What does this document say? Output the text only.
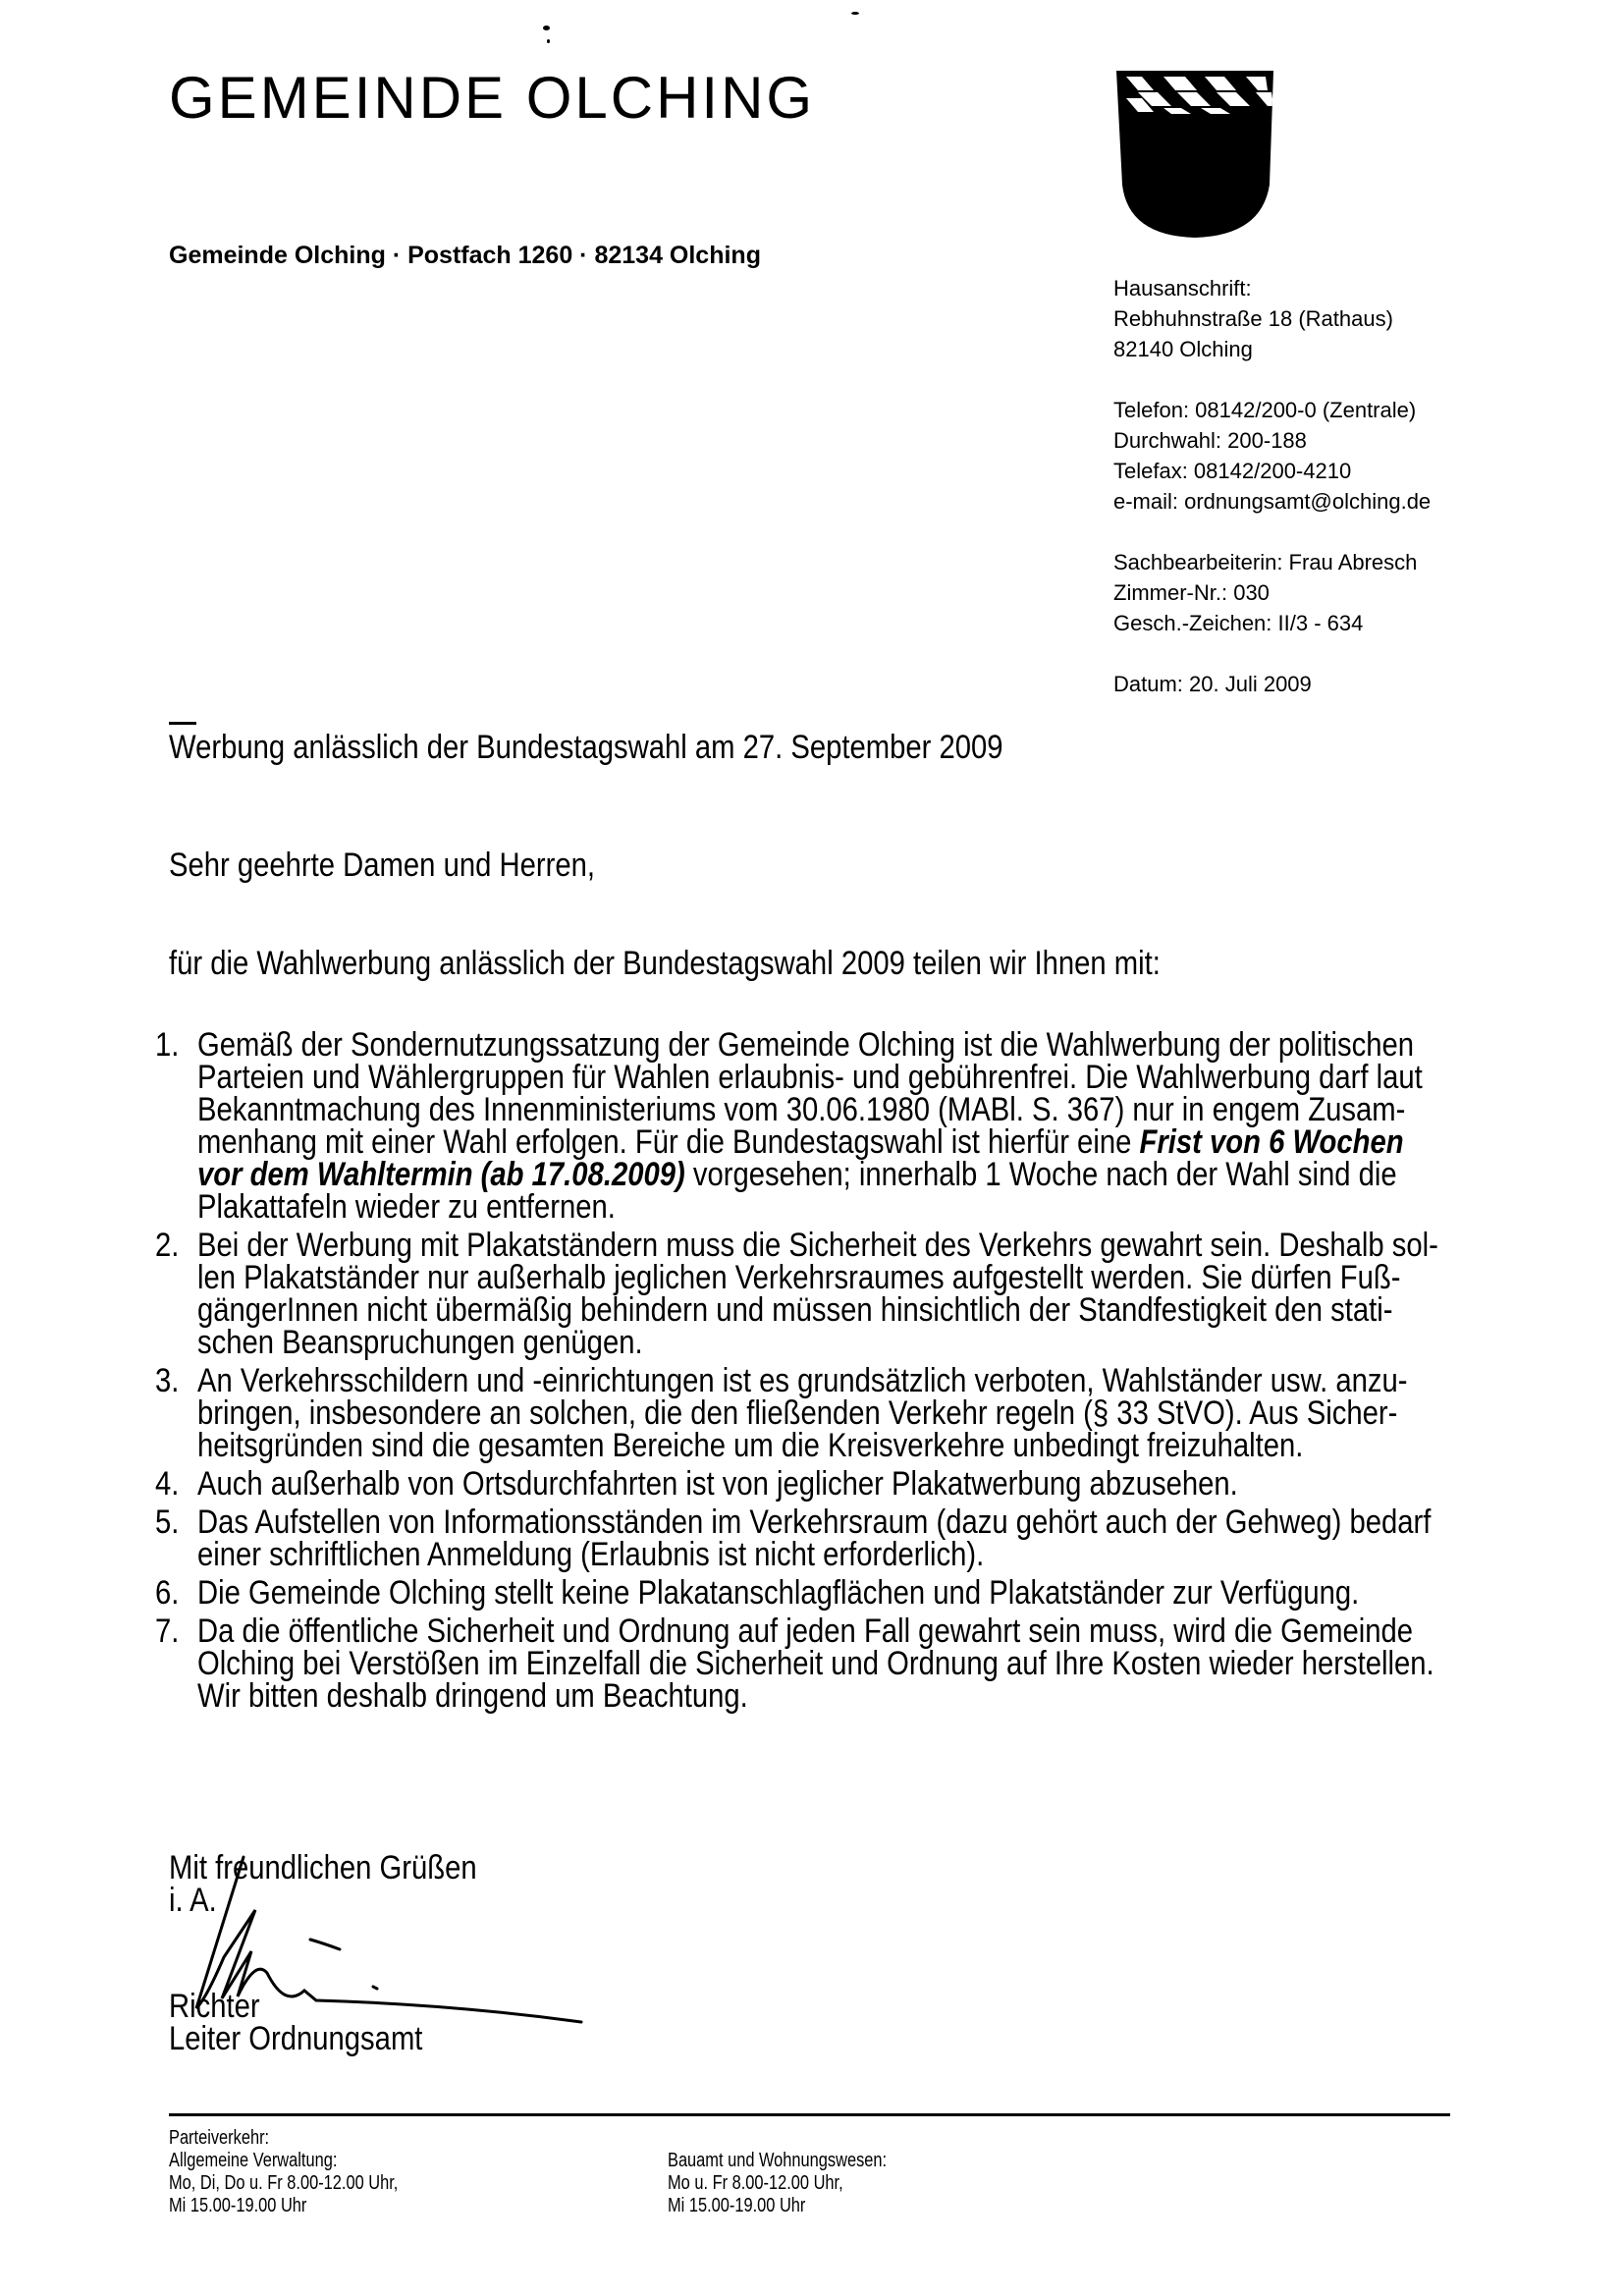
GEMEINDE OLCHING
Gemeinde Olching · Postfach 1260 · 82134 Olching
Hausanschrift:
Rebhuhnstraße 18 (Rathaus)
82140 Olching
Telefon: 08142/200-0 (Zentrale)
Durchwahl: 200-188
Telefax: 08142/200-4210
e-mail: ordnungsamt@olching.de
Sachbearbeiterin: Frau Abresch
Zimmer-Nr.: 030
Gesch.-Zeichen: II/3 - 634
Datum: 20. Juli 2009
Werbung anlässlich der Bundestagswahl am 27. September 2009
Sehr geehrte Damen und Herren,
für die Wahlwerbung anlässlich der Bundestagswahl 2009 teilen wir Ihnen mit:
1. Gemäß der Sondernutzungssatzung der Gemeinde Olching ist die Wahlwerbung der politischen
Parteien und Wählergruppen für Wahlen erlaubnis- und gebührenfrei. Die Wahlwerbung darf laut
Bekanntmachung des Innenministeriums vom 30.06.1980 (MABl. S. 367) nur in engem Zusam-
menhang mit einer Wahl erfolgen. Für die Bundestagswahl ist hierfür eine Frist von 6 Wochen
vor dem Wahltermin (ab 17.08.2009) vorgesehen; innerhalb 1 Woche nach der Wahl sind die
Plakattafeln wieder zu entfernen.
2. Bei der Werbung mit Plakatständern muss die Sicherheit des Verkehrs gewahrt sein. Deshalb sol-
len Plakatständer nur außerhalb jeglichen Verkehrsraumes aufgestellt werden. Sie dürfen Fuß-
gängerInnen nicht übermäßig behindern und müssen hinsichtlich der Standfestigkeit den stati-
schen Beanspruchungen genügen.
3. An Verkehrsschildern und -einrichtungen ist es grundsätzlich verboten, Wahlständer usw. anzu-
bringen, insbesondere an solchen, die den fließenden Verkehr regeln (§ 33 StVO). Aus Sicher-
heitsgründen sind die gesamten Bereiche um die Kreisverkehre unbedingt freizuhalten.
4. Auch außerhalb von Ortsdurchfahrten ist von jeglicher Plakatwerbung abzusehen.
5. Das Aufstellen von Informationsständen im Verkehrsraum (dazu gehört auch der Gehweg) bedarf
einer schriftlichen Anmeldung (Erlaubnis ist nicht erforderlich).
6. Die Gemeinde Olching stellt keine Plakatanschlagflächen und Plakatständer zur Verfügung.
7. Da die öffentliche Sicherheit und Ordnung auf jeden Fall gewahrt sein muss, wird die Gemeinde
Olching bei Verstößen im Einzelfall die Sicherheit und Ordnung auf Ihre Kosten wieder herstellen.
Wir bitten deshalb dringend um Beachtung.
Mit freundlichen Grüßen
i. A.
Richter
Leiter Ordnungsamt
Parteiverkehr:
Allgemeine Verwaltung:
Mo, Di, Do u. Fr 8.00-12.00 Uhr,
Mi 15.00-19.00 Uhr
Bauamt und Wohnungswesen:
Mo u. Fr 8.00-12.00 Uhr,
Mi 15.00-19.00 Uhr
